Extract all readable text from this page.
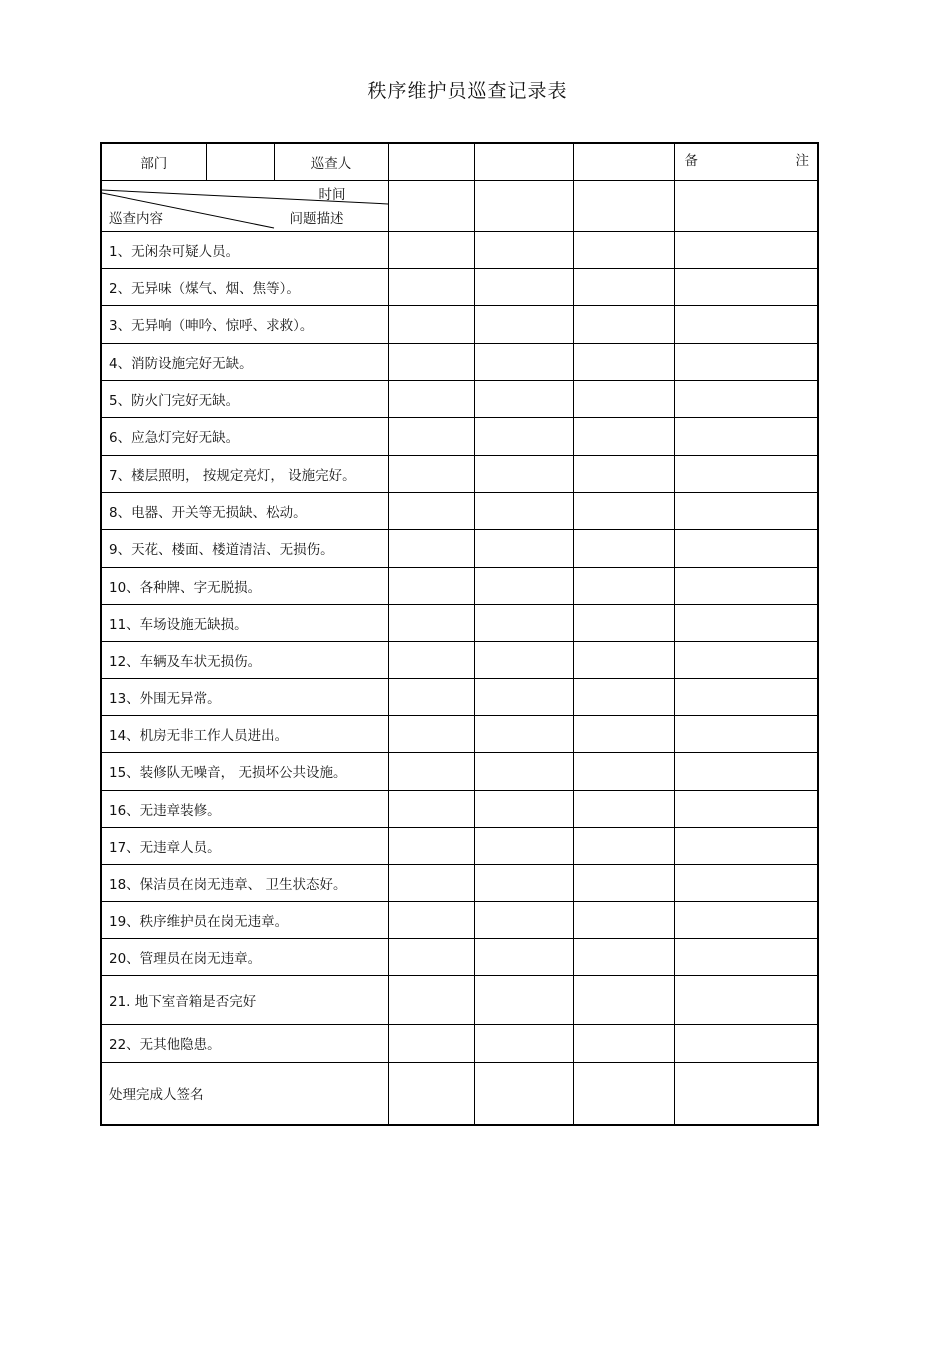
秩序维护员巡查记录表
部门		巡查人				备 注

时间
问题描述
巡查内容						

1、无闲杂可疑人员。						
2、无异味（煤气、烟、焦等）。						
3、无异响（呻吟、惊呼、求救）。						
4、消防设施完好无缺。						
5、防火门完好无缺。						
6、应急灯完好无缺。						
7、楼层照明， 按规定亮灯， 设施完好。						
8、电器、开关等无损缺、松动。						
9、天花、楼面、楼道清洁、无损伤。						
10、各种牌、字无脱损。						
11、车场设施无缺损。						
12、车辆及车状无损伤。						
13、外围无异常。						
14、机房无非工作人员进出。						
15、装修队无噪音， 无损坏公共设施。						
16、无违章装修。						
17、无违章人员。						
18、保洁员在岗无违章、 卫生状态好。						
19、秩序维护员在岗无违章。						
20、管理员在岗无违章。						
21. 地下室音箱是否完好						
22、无其他隐患。						
处理完成人签名						
